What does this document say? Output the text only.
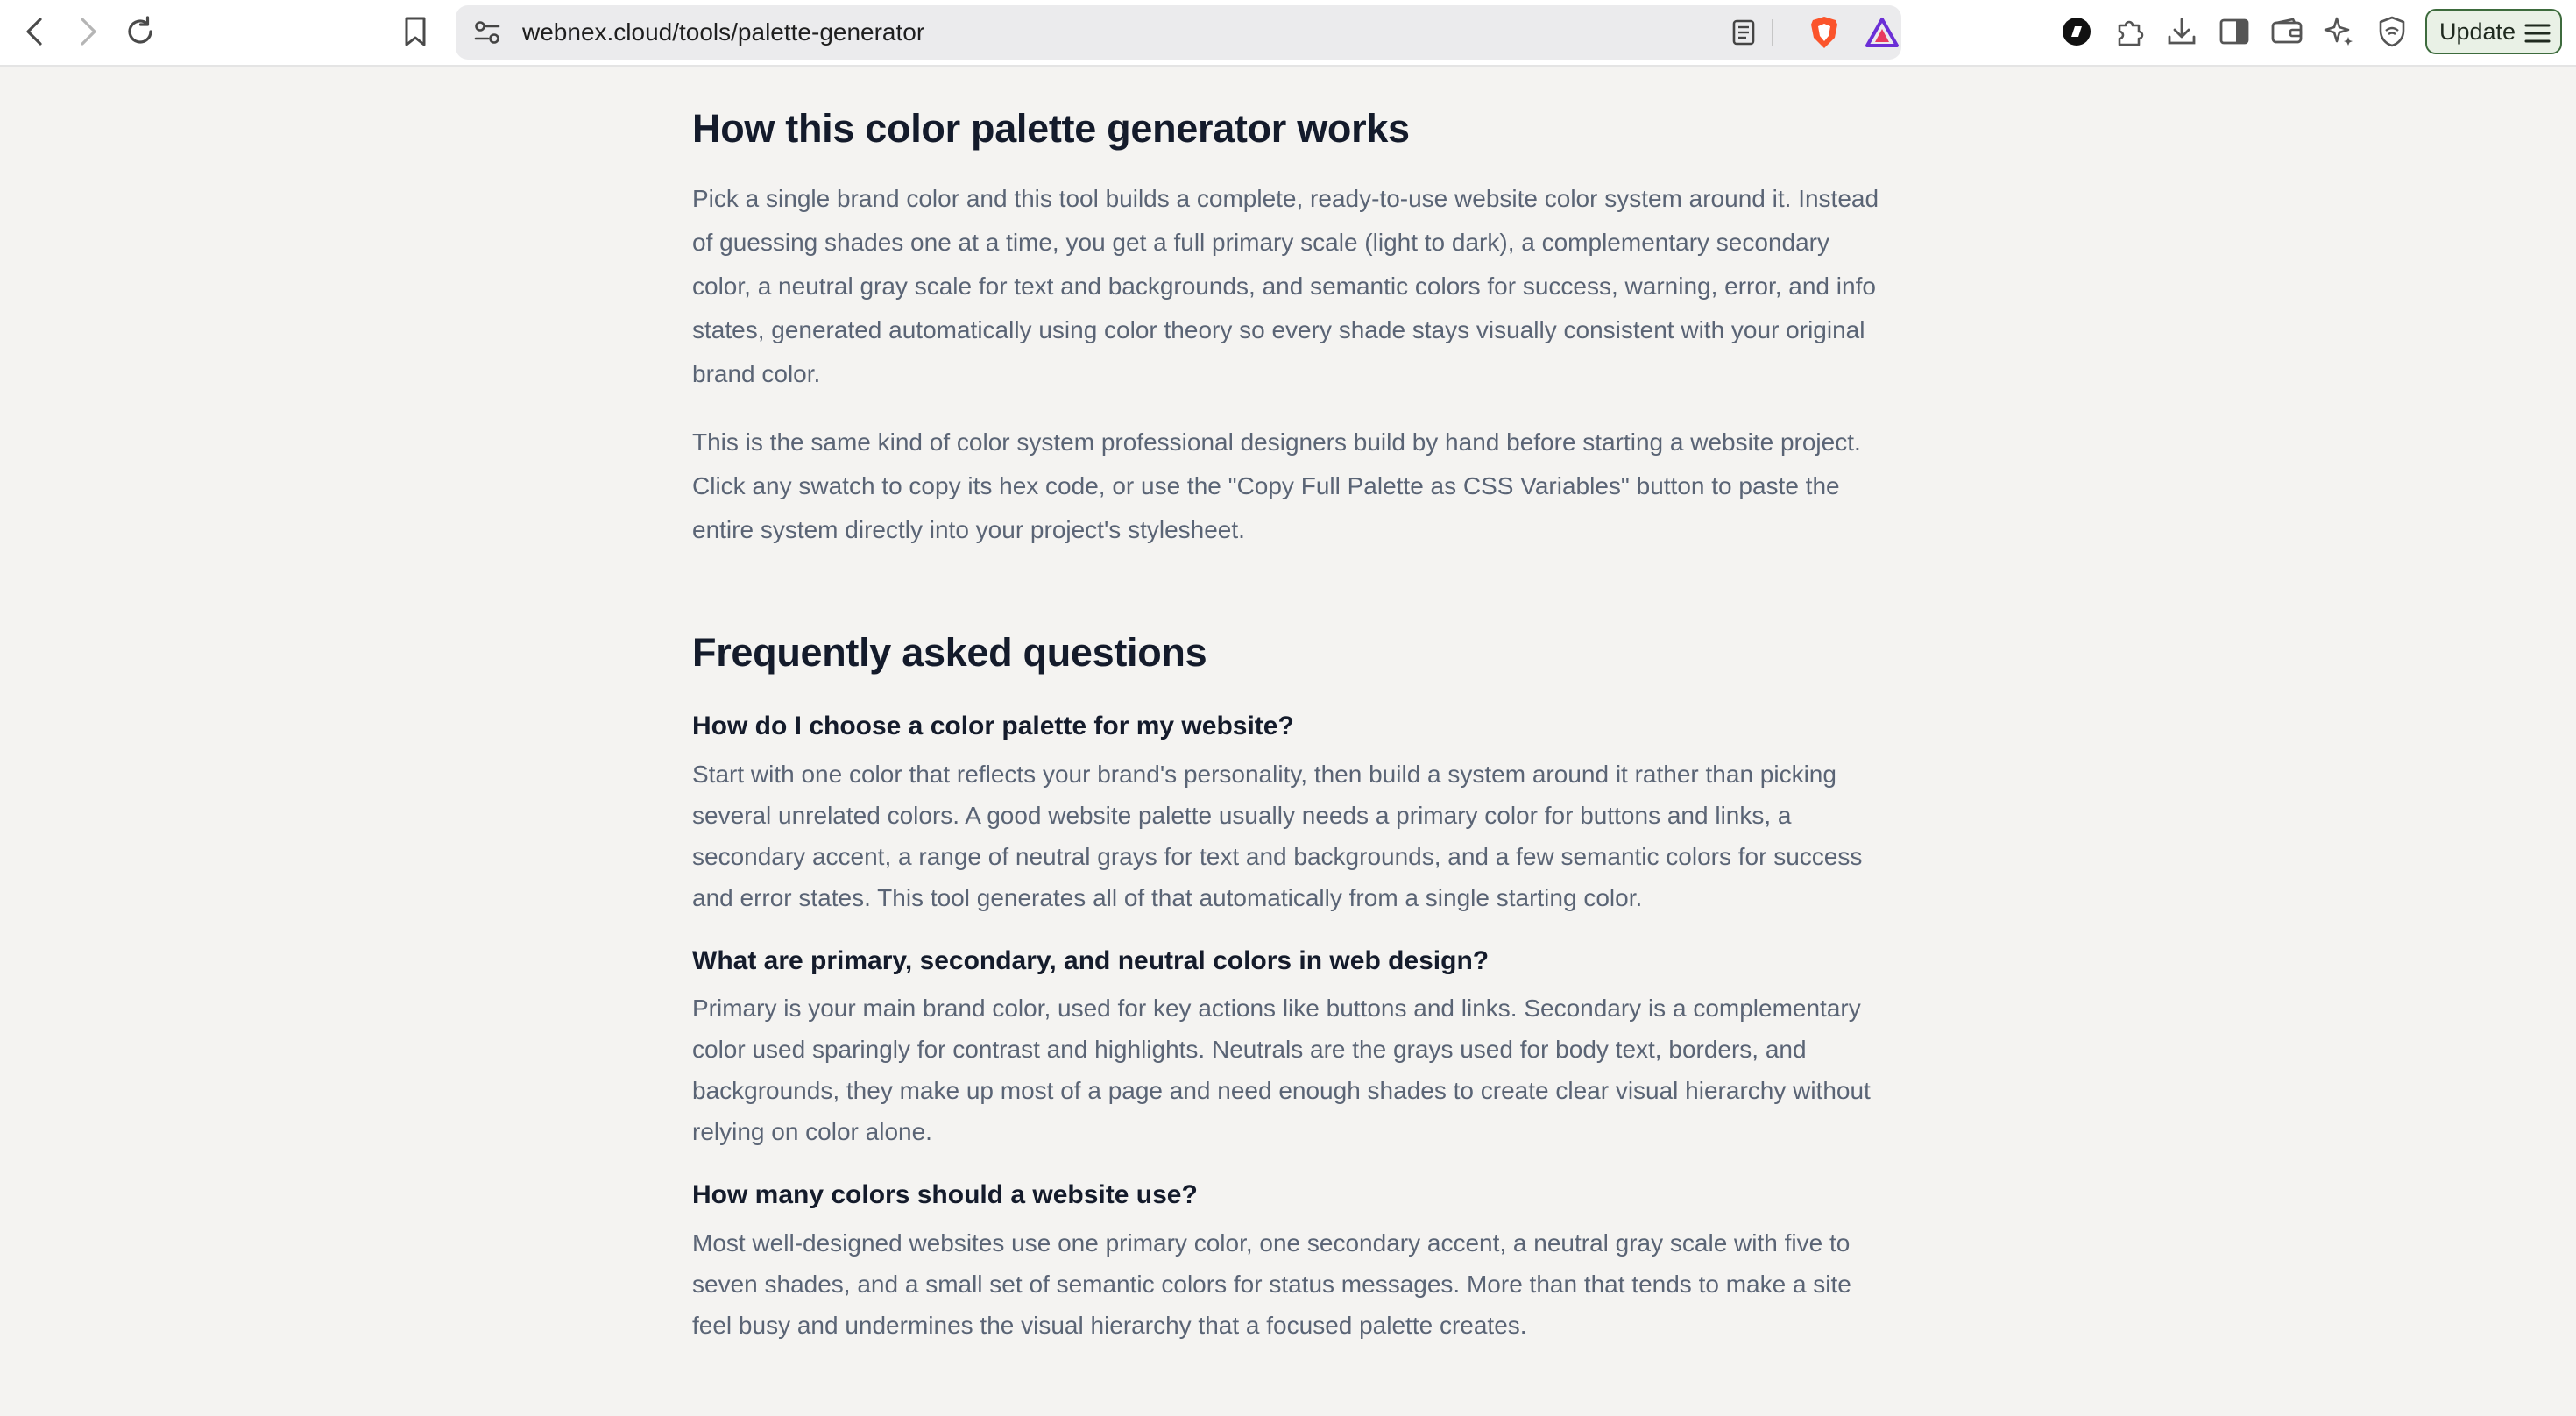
webnex.cloud/tools/palette-generator	Update
How this color palette generator works

Pick a single brand color and this tool builds a complete, ready-to-use website color system around it. Instead of guessing shades one at a time, you get a full primary scale (light to dark), a complementary secondary color, a neutral gray scale for text and backgrounds, and semantic colors for success, warning, error, and info states, generated automatically using color theory so every shade stays visually consistent with your original brand color.

This is the same kind of color system professional designers build by hand before starting a website project. Click any swatch to copy its hex code, or use the "Copy Full Palette as CSS Variables" button to paste the entire system directly into your project's stylesheet.

Frequently asked questions
How do I choose a color palette for my website?

Start with one color that reflects your brand's personality, then build a system around it rather than picking several unrelated colors. A good website palette usually needs a primary color for buttons and links, a secondary accent, a range of neutral grays for text and backgrounds, and a few semantic colors for success and error states. This tool generates all of that automatically from a single starting color.

What are primary, secondary, and neutral colors in web design?

Primary is your main brand color, used for key actions like buttons and links. Secondary is a complementary color used sparingly for contrast and highlights. Neutrals are the grays used for body text, borders, and backgrounds, they make up most of a page and need enough shades to create clear visual hierarchy without relying on color alone.

How many colors should a website use?

Most well-designed websites use one primary color, one secondary accent, a neutral gray scale with five to seven shades, and a small set of semantic colors for status messages. More than that tends to make a site feel busy and undermines the visual hierarchy that a focused palette creates.
